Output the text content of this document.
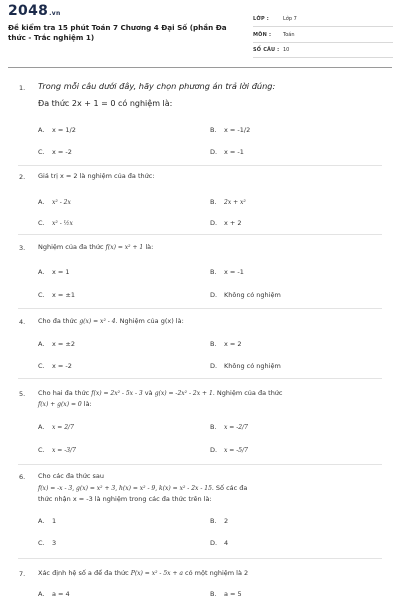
2048.vn
Đề kiểm tra 15 phút Toán 7 Chương 4 Đại Số (phần Đa thức - Trắc nghiệm 1)
LỚP :	Lớp 7
MÔN : Toán
SỐ CÂU : 10
1. Trong mỗi câu dưới đây, hãy chọn phương án trả lời đúng:
Đa thức 2x + 1 = 0 có nghiệm là:
A. x = 1/2	B. x = -1/2
C. x = -2	D. x = -1
2. Giá trị x = 2 là nghiệm của đa thức:
A. x² - 2x	B. 2x + x²
C. x² - ½x	D. x + 2
3. Nghiệm của đa thức f(x) = x² + 1 là:
A. x = 1	B. x = -1
C. x = ±1	D. Không có nghiệm
4. Cho đa thức g(x) = x² - 4. Nghiệm của g(x) là:
A. x = ±2	B. x = 2
C. x = -2	D. Không có nghiệm
5. Cho hai đa thức f(x) = 2x² - 5x - 3 và g(x) = -2x² - 2x + 1. Nghiệm của đa thức
f(x) + g(x) = 0 là:
A. x = 2/7	B. x = -2/7
C. x = -3/7	D. x = -5/7
6. Cho các đa thức sau
f(x) = -x - 3, g(x) = x² + 3, h(x) = x² - 9, k(x) = x² - 2x - 15. Số các đa
thức nhận x = -3 là nghiệm trong các đa thức trên là:
A. 1	B. 2
C. 3	D. 4
7. Xác định hệ số a để đa thức P(x) = x² - 5x + a có một nghiệm là 2
A. a = 4	B. a = 5
